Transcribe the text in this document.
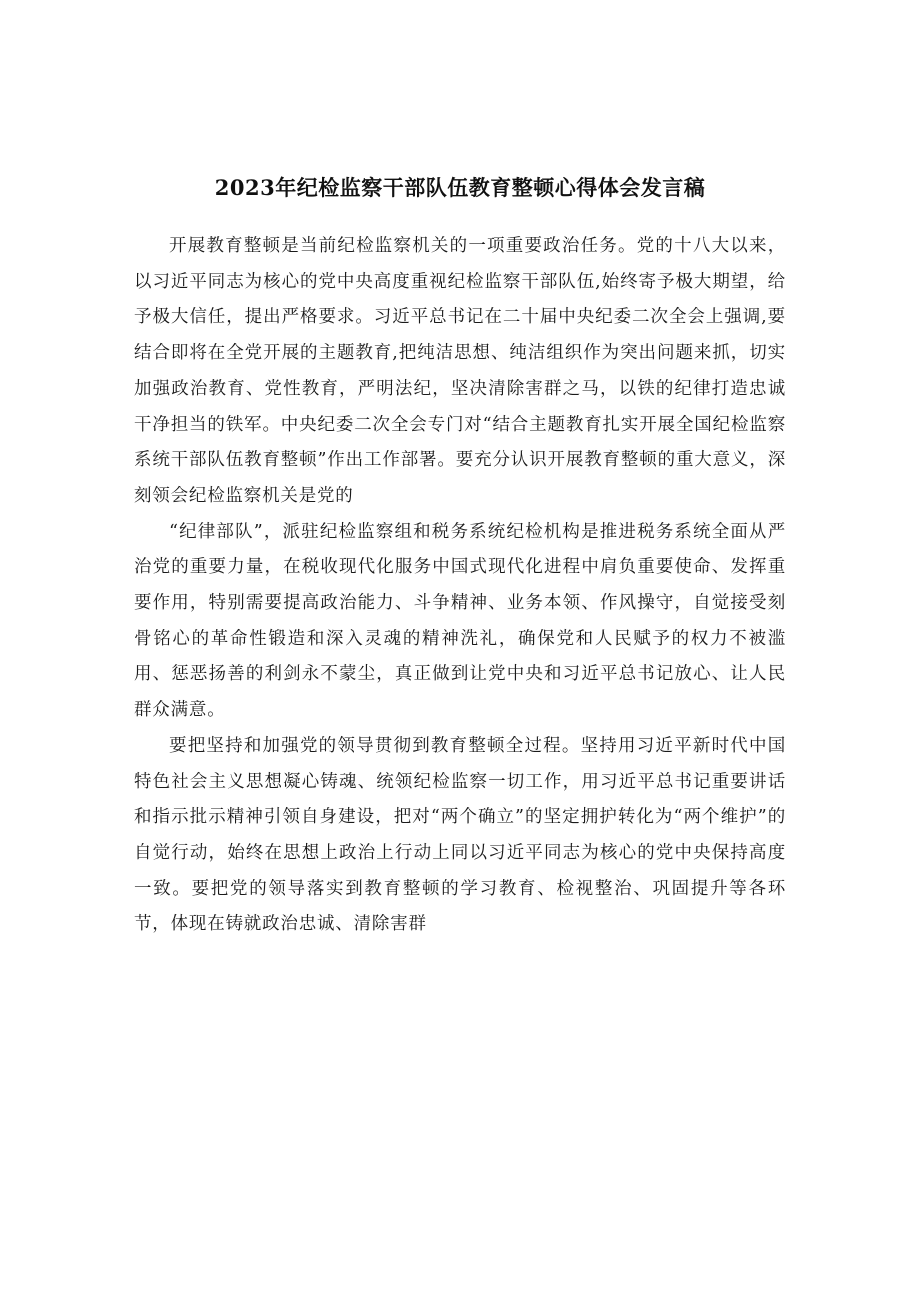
2023年纪检监察干部队伍教育整顿心得体会发言稿

开展教育整顿是当前纪检监察机关的一项重要政治任务。党的十八大以来，以习近平同志为核心的党中央高度重视纪检监察干部队伍,始终寄予极大期望，给予极大信任，提出严格要求。习近平总书记在二十届中央纪委二次全会上强调,要结合即将在全党开展的主题教育,把纯洁思想、纯洁组织作为突出问题来抓，切实加强政治教育、党性教育，严明法纪，坚决清除害群之马，以铁的纪律打造忠诚干净担当的铁军。中央纪委二次全会专门对“结合主题教育扎实开展全国纪检监察系统干部队伍教育整顿”作出工作部署。要充分认识开展教育整顿的重大意义，深刻领会纪检监察机关是党的

“纪律部队”，派驻纪检监察组和税务系统纪检机构是推进税务系统全面从严治党的重要力量，在税收现代化服务中国式现代化进程中肩负重要使命、发挥重要作用，特别需要提高政治能力、斗争精神、业务本领、作风操守，自觉接受刻骨铭心的革命性锻造和深入灵魂的精神洗礼，确保党和人民赋予的权力不被滥用、惩恶扬善的利剑永不蒙尘，真正做到让党中央和习近平总书记放心、让人民群众满意。

要把坚持和加强党的领导贯彻到教育整顿全过程。坚持用习近平新时代中国特色社会主义思想凝心铸魂、统领纪检监察一切工作，用习近平总书记重要讲话和指示批示精神引领自身建设，把对“两个确立”的坚定拥护转化为“两个维护”的自觉行动，始终在思想上政治上行动上同以习近平同志为核心的党中央保持高度一致。要把党的领导落实到教育整顿的学习教育、检视整治、巩固提升等各环节，体现在铸就政治忠诚、清除害群
